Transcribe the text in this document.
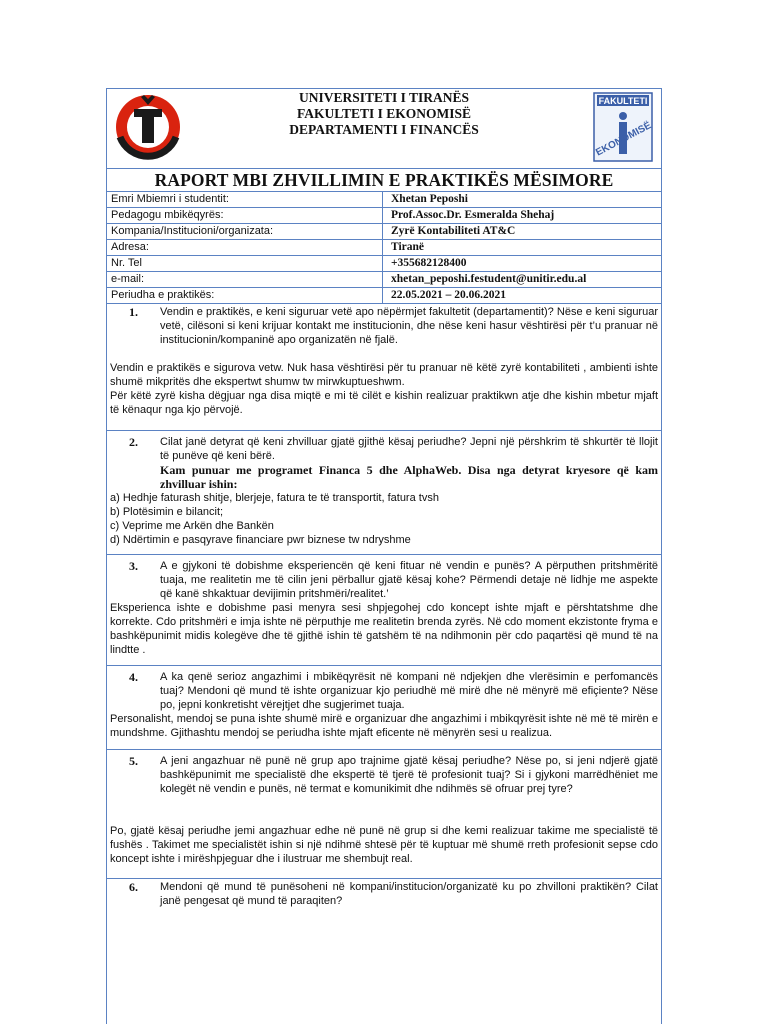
UNIVERSITETI I TIRANËS
FAKULTETI I EKONOMISË
DEPARTAMENTI I FINANCËS
FAKULTETI
EKONOMISË
RAPORT MBI ZHVILLIMIN E PRAKTIKËS MËSIMORE
Emri Mbiemri i studentit:	Xhetan Peposhi
Pedagogu mbikëqyrës:	Prof.Assoc.Dr. Esmeralda Shehaj
Kompania/Institucioni/organizata:	Zyrë Kontabiliteti AT&C
Adresa:	Tiranë
Nr. Tel	+355682128400
e-mail:	xhetan_peposhi.festudent@unitir.edu.al
Periudha e praktikës:	22.05.2021 – 20.06.2021
1.	Vendin e praktikës, e keni siguruar vetë apo nëpërmjet fakultetit (departamentit)? Nëse e keni siguruar vetë, cilësoni si keni krijuar kontakt me institucionin, dhe nëse keni hasur vështirësi për t’u pranuar në institucionin/kompaninë apo organizatën në fjalë.
Vendin e praktikës e sigurova vetw. Nuk hasa vështirësi për tu pranuar në këtë zyrë kontabiliteti , ambienti ishte shumë mikpritës dhe ekspertwt shumw tw mirwkuptueshwm.
Për këtë zyrë kisha dëgjuar nga disa miqtë e mi të cilët e kishin realizuar praktikwn atje dhe kishin mbetur mjaft të kënaqur nga kjo përvojë.
2.	Cilat janë detyrat që keni zhvilluar gjatë gjithë kësaj periudhe? Jepni një përshkrim të shkurtër të llojit të punëve që keni bërë.
Kam punuar me programet Financa 5 dhe AlphaWeb. Disa nga detyrat kryesore që kam zhvilluar ishin:
a) Hedhje faturash shitje, blerjeje, fatura te të transportit, fatura tvsh
b) Plotësimin e bilancit;
c) Veprime me Arkën dhe Bankën
d) Ndërtimin e pasqyrave financiare pwr biznese tw ndryshme
3.	A e gjykoni të dobishme eksperiencën që keni fituar në vendin e punës? A përputhen pritshmëritë tuaja, me realitetin me të cilin jeni përballur gjatë kësaj kohe? Përmendi detaje në lidhje me aspekte që kanë shkaktuar devijimin pritshmëri/realitet.’
Eksperienca ishte e dobishme pasi menyra sesi shpjegohej cdo koncept ishte mjaft e përshtatshme dhe korrekte. Cdo pritshmëri e imja ishte në përputhje me realitetin brenda zyrës. Në cdo moment ekzistonte fryma e bashkëpunimit midis kolegëve dhe të gjithë ishin të gatshëm të na ndihmonin për cdo paqartësi që mund të na lindtte .
4.	A ka qenë serioz angazhimi i mbikëqyrësit në kompani në ndjekjen dhe vlerësimin e perfomancës tuaj? Mendoni që mund të ishte organizuar kjo periudhë më mirë dhe në mënyrë më efiçiente? Nëse po, jepni konkretisht vërejtjet dhe sugjerimet tuaja.
Personalisht, mendoj se puna ishte shumë mirë e organizuar dhe angazhimi i mbikqyrësit ishte në më të mirën e mundshme. Gjithashtu mendoj se periudha ishte mjaft eficente në mënyrën sesi u realizua.
5.	A jeni angazhuar në punë në grup apo trajnime gjatë kësaj periudhe? Nëse po, si jeni ndjerë gjatë bashkëpunimit me specialistë dhe ekspertë të tjerë të profesionit tuaj? Si i gjykoni marrëdhëniet me kolegët në vendin e punës, në termat e komunikimit dhe ndihmës së ofruar prej tyre?
Po, gjatë kësaj periudhe jemi angazhuar edhe në punë në grup si dhe kemi realizuar takime me specialistë të fushës . Takimet me specialistët ishin si një ndihmë shtesë për të kuptuar më shumë rreth profesionit sepse cdo koncept ishte i mirëshpjeguar dhe i ilustruar me shembujt real.
6.	Mendoni që mund të punësoheni në kompani/institucion/organizatë ku po zhvilloni praktikën? Cilat janë pengesat që mund të paraqiten?
